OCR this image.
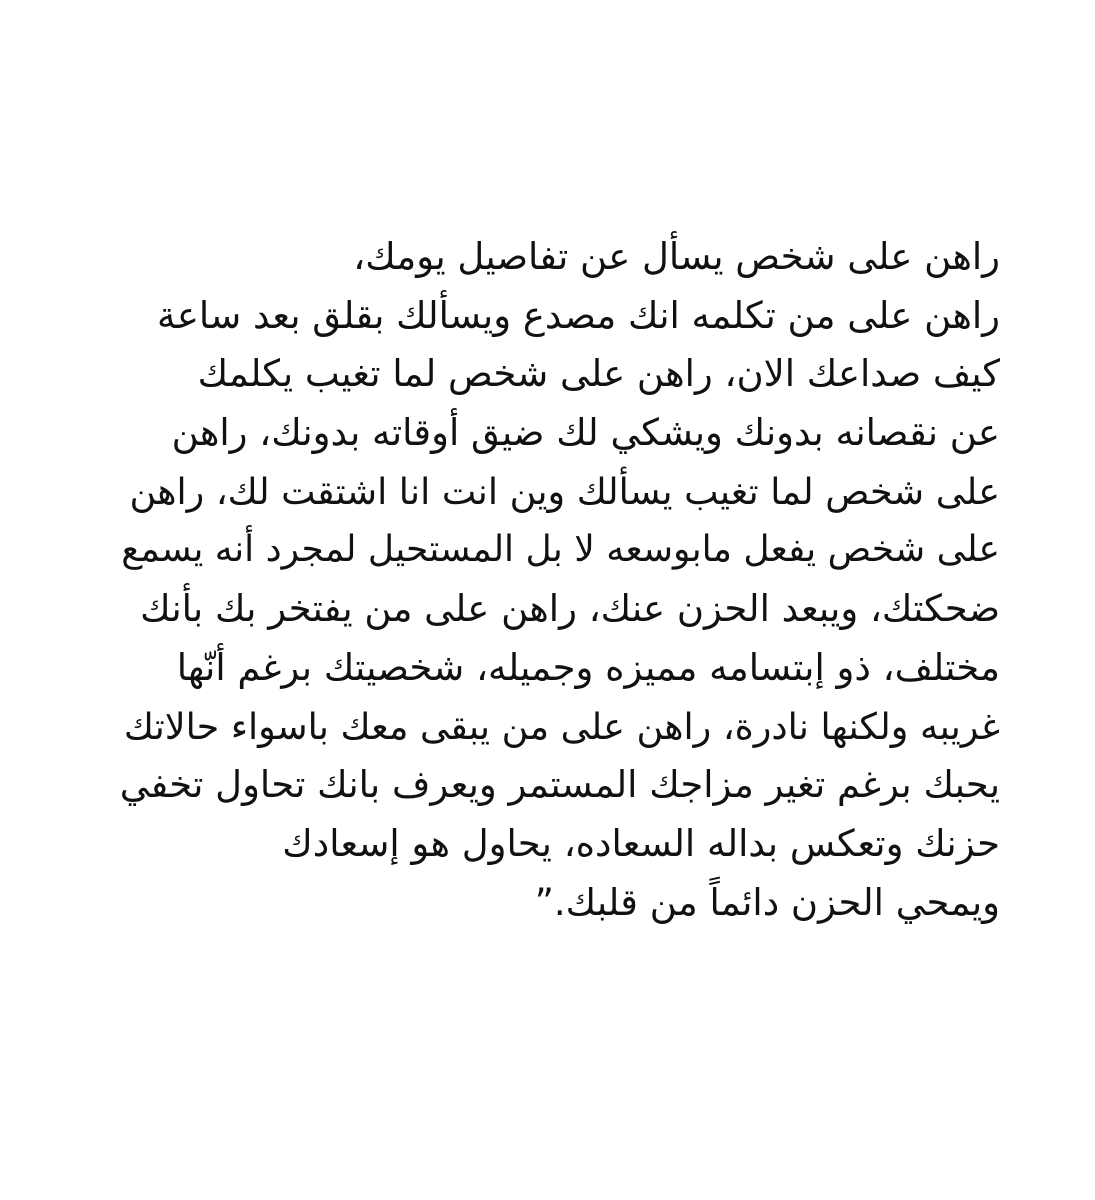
راهن على شخص يسأل عن تفاصيل يومك،
راهن على من تكلمه انك مصدع ويسألك بقلق بعد ساعة
كيف صداعك الان، راهن على شخص لما تغيب يكلمك
عن نقصانه بدونك ويشكي لك ضيق أوقاته بدونك، راهن
على شخص لما تغيب يسألك وين انت انا اشتقت لك، راهن
على شخص يفعل مابوسعه لا بل المستحيل لمجرد أنه يسمع
ضحكتك، ويبعد الحزن عنك، راهن على من يفتخر بك بأنك
مختلف، ذو إبتسامه مميزه وجميله، شخصيتك برغم أنّها
غريبه ولكنها نادرة، راهن على من يبقى معك باسواء حالاتك
يحبك برغم تغير مزاجك المستمر ويعرف بانك تحاول تخفي
حزنك وتعكس بداله السعاده، يحاول هو إسعادك
ويمحي الحزن دائماً من قلبك.”
